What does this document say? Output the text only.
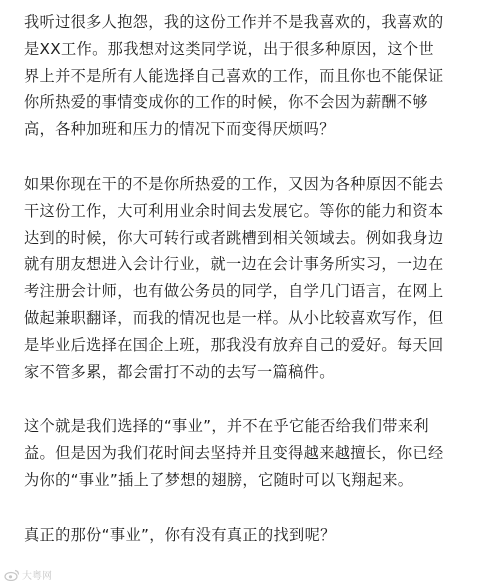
我听过很多人抱怨，我的这份工作并不是我喜欢的，我喜欢的
是XX工作。那我想对这类同学说，出于很多种原因，这个世
界上并不是所有人能选择自己喜欢的工作，而且你也不能保证
你所热爱的事情变成你的工作的时候，你不会因为薪酬不够
高，各种加班和压力的情况下而变得厌烦吗？
如果你现在干的不是你所热爱的工作，又因为各种原因不能去
干这份工作，大可利用业余时间去发展它。等你的能力和资本
达到的时候，你大可转行或者跳槽到相关领域去。例如我身边
就有朋友想进入会计行业，就一边在会计事务所实习，一边在
考注册会计师，也有做公务员的同学，自学几门语言，在网上
做起兼职翻译，而我的情况也是一样。从小比较喜欢写作，但
是毕业后选择在国企上班，那我没有放弃自己的爱好。每天回
家不管多累，都会雷打不动的去写一篇稿件。
这个就是我们选择的“事业”，并不在乎它能否给我们带来利
益。但是因为我们花时间去坚持并且变得越来越擅长，你已经
为你的“事业”插上了梦想的翅膀，它随时可以飞翔起来。
真正的那份“事业”，你有没有真正的找到呢？
大粤网
